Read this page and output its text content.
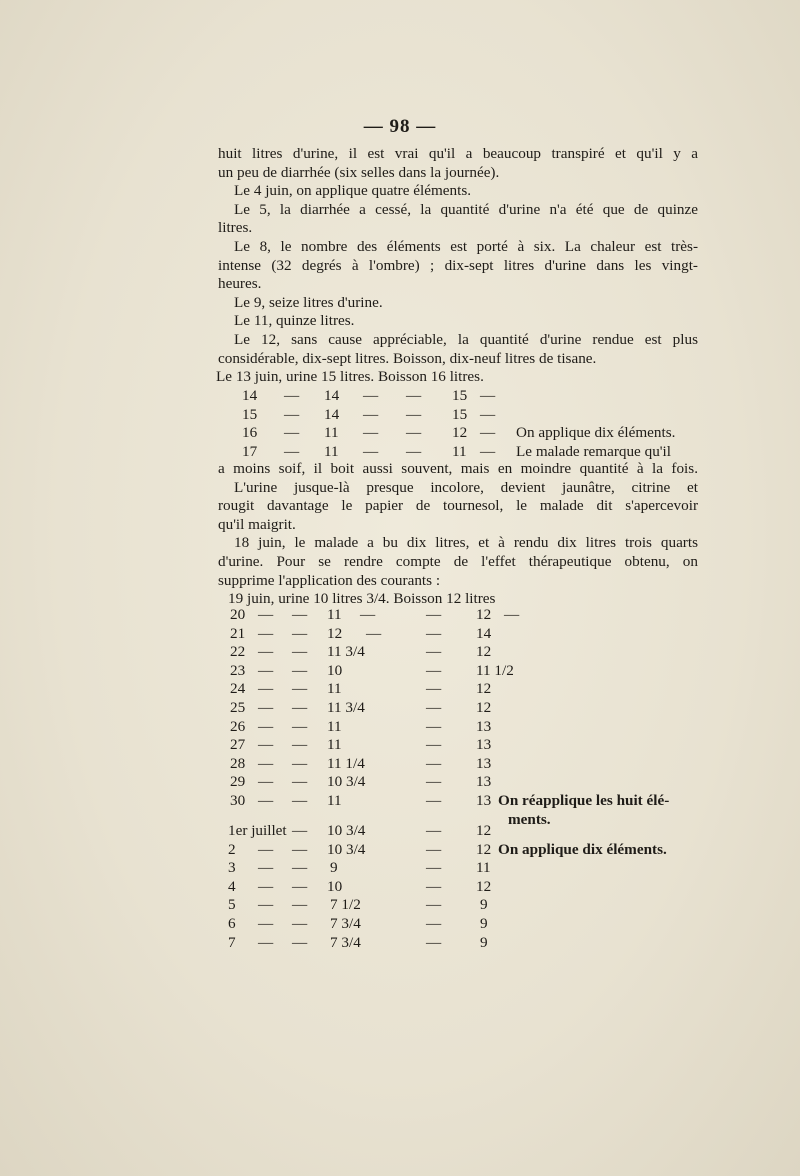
— 98 —
huit litres d'urine, il est vrai qu'il a beaucoup transpiré et qu'il y a
un peu de diarrhée (six selles dans la journée).
Le 4 juin, on applique quatre éléments.
Le 5, la diarrhée a cessé, la quantité d'urine n'a été que de quinze
litres.
Le 8, le nombre des éléments est porté à six. La chaleur est très-
intense (32 degrés à l'ombre) ; dix-sept litres d'urine dans les vingt-
heures.
Le 9, seize litres d'urine.
Le 11, quinze litres.
Le 12, sans cause appréciable, la quantité d'urine rendue est plus
considérable, dix-sept litres. Boisson, dix-neuf litres de tisane.
Le 13 juin, urine 15 litres. Boisson 16 litres.
14 — 14 — — 15 —
15 — 14 — — 15 —
16 — 11 — — 12 — On applique dix éléments.
17 — 11 — — 11 — Le malade remarque qu'il
a moins soif, il boit aussi souvent, mais en moindre quantité à la fois.
L'urine jusque-là presque incolore, devient jaunâtre, citrine et
rougit davantage le papier de tournesol, le malade dit s'apercevoir
qu'il maigrit.
18 juin, le malade a bu dix litres, et à rendu dix litres trois quarts
d'urine. Pour se rendre compte de l'effet thérapeutique obtenu, on
supprime l'application des courants :
19 juin, urine 10 litres 3/4. Boisson 12 litres
20 — — 11 —	— 12 —
21 — — 12 —	— 14
22 — — 11 3/4	— 12
23 — — 10	— 11 1/2
24 — — 11	— 12
25 — — 11 3/4	— 12
26 — — 11	— 13
27 — — 11	— 13
28 — — 11 1/4	— 13
29 — — 10 3/4	— 13
30 — — 11	— 13 On réapplique les huit élé-
ments.
1er juillet — 10 3/4	— 12
2 — — 10 3/4	— 12 On applique dix éléments.
3 — — 9	— 11
4 — — 10	— 12
5 — — 7 1/2	—	9
6 — — 7 3/4	—	9
7 — — 7 3/4	—	9
